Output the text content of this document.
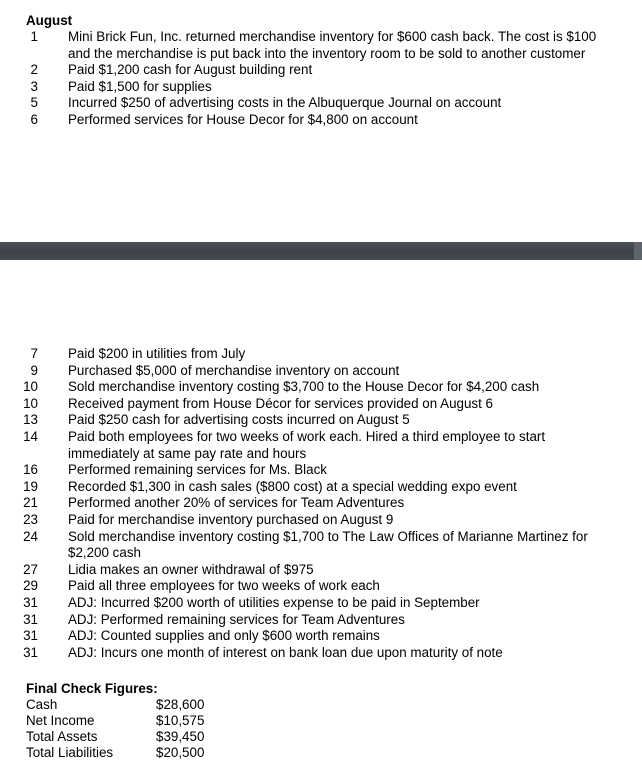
August
1 Mini Brick Fun, Inc. returned merchandise inventory for $600 cash back. The cost is $100 and the merchandise is put back into the inventory room to be sold to another customer
2 Paid $1,200 cash for August building rent
3 Paid $1,500 for supplies
5 Incurred $250 of advertising costs in the Albuquerque Journal on account
6 Performed services for House Decor for $4,800 on account
7 Paid $200 in utilities from July
9 Purchased $5,000 of merchandise inventory on account
10 Sold merchandise inventory costing $3,700 to the House Decor for $4,200 cash
10 Received payment from House Décor for services provided on August 6
13 Paid $250 cash for advertising costs incurred on August 5
14 Paid both employees for two weeks of work each. Hired a third employee to start immediately at same pay rate and hours
16 Performed remaining services for Ms. Black
19 Recorded $1,300 in cash sales ($800 cost) at a special wedding expo event
21 Performed another 20% of services for Team Adventures
23 Paid for merchandise inventory purchased on August 9
24 Sold merchandise inventory costing $1,700 to The Law Offices of Marianne Martinez for $2,200 cash
27 Lidia makes an owner withdrawal of $975
29 Paid all three employees for two weeks of work each
31 ADJ: Incurred $200 worth of utilities expense to be paid in September
31 ADJ: Performed remaining services for Team Adventures
31 ADJ: Counted supplies and only $600 worth remains
31 ADJ: Incurs one month of interest on bank loan due upon maturity of note
Final Check Figures:
Cash	$28,600
Net Income	$10,575
Total Assets	$39,450
Total Liabilities	$20,500
